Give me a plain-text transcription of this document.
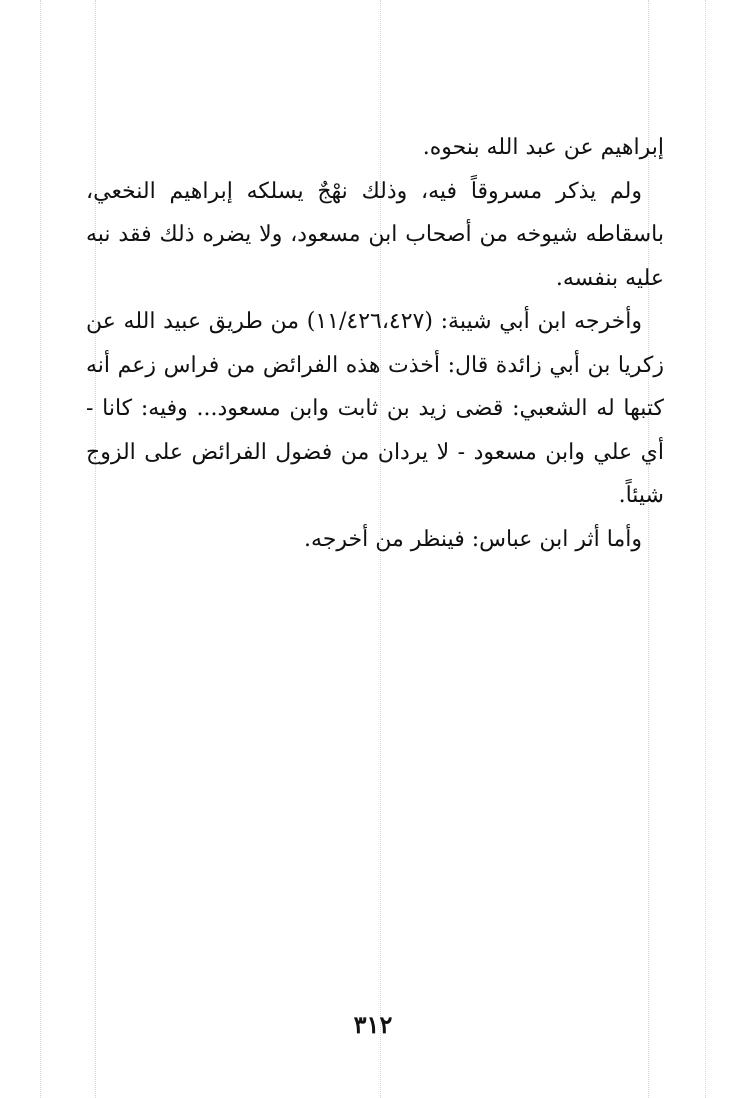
إبراهيم عن عبد الله بنحوه.

ولم يذكر مسروقاً فيه، وذلك نهْجٌ يسلكه إبراهيم النخعي، باسقاطه شيوخه من أصحاب ابن مسعود، ولا يضره ذلك فقد نبه عليه بنفسه.

وأخرجه ابن أبي شيبة: (١١/٤٢٦،٤٢٧) من طريق عبيد الله عن زكريا بن أبي زائدة قال: أخذت هذه الفرائض من فراس زعم أنه كتبها له الشعبي: قضى زيد بن ثابت وابن مسعود... وفيه: كانا - أي علي وابن مسعود - لا يردان من فضول الفرائض على الزوج شيئاً.

وأما أثر ابن عباس: فينظر من أخرجه.

٣١٢
